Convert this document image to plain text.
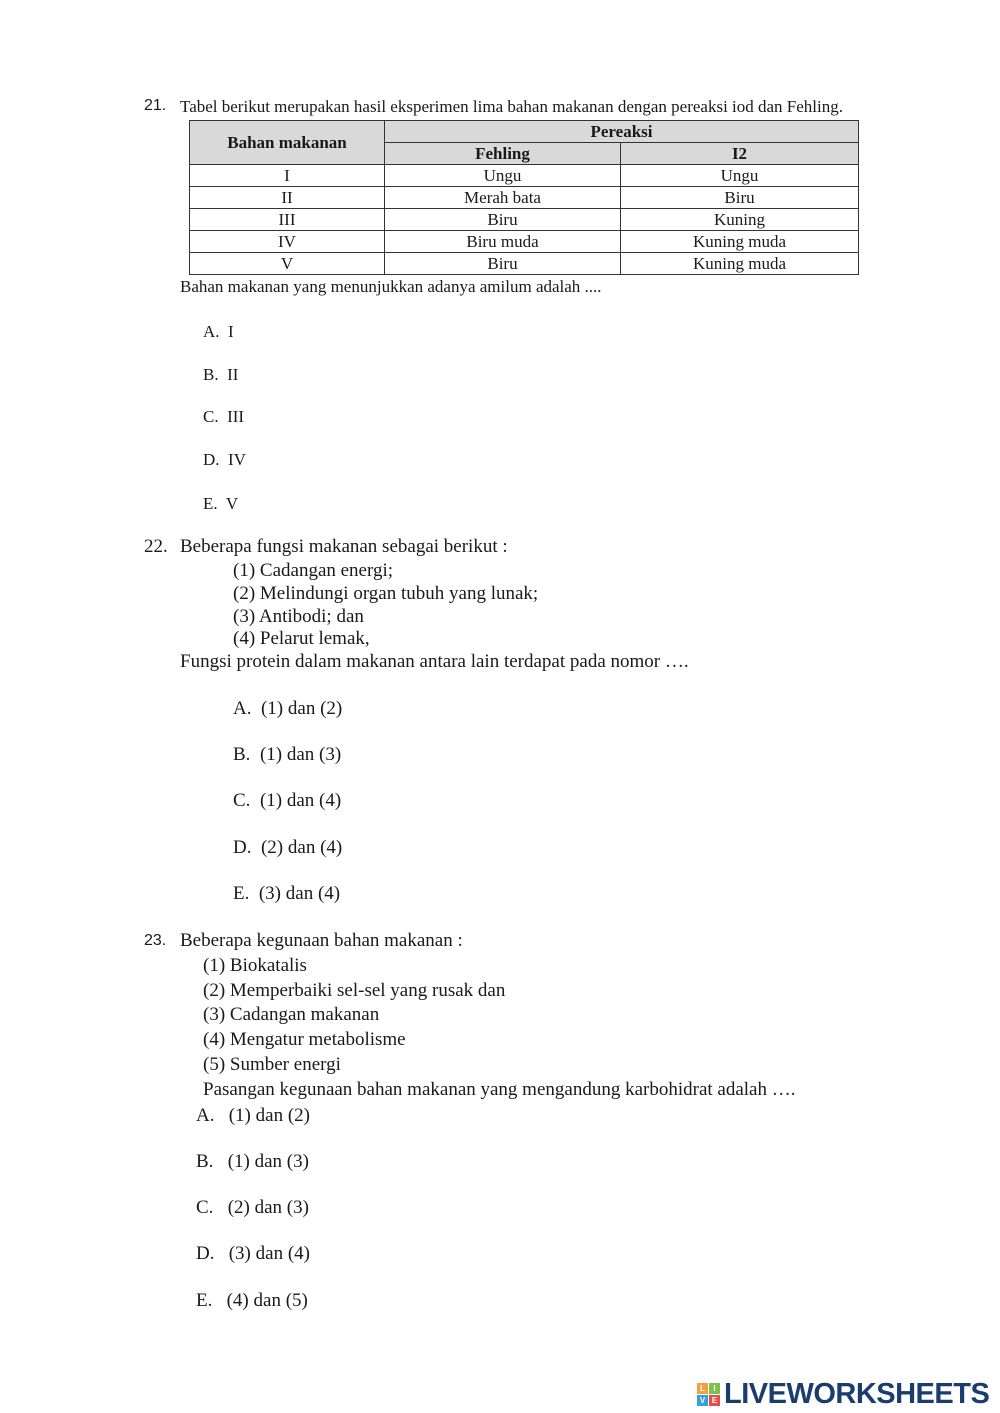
21. Tabel berikut merupakan hasil eksperimen lima bahan makanan dengan pereaksi iod dan Fehling.
Bahan makanan	Pereaksi	
	Fehling	I2
I	Ungu	Ungu
II	Merah bata	Biru
III	Biru	Kuning
IV	Biru muda	Kuning muda
V	Biru	Kuning muda
Bahan makanan yang menunjukkan adanya amilum adalah ....
A. I
B. II
C. III
D. IV
E. V
22. Beberapa fungsi makanan sebagai berikut :
(1) Cadangan energi;
(2) Melindungi organ tubuh yang lunak;
(3) Antibodi; dan
(4) Pelarut lemak,
Fungsi protein dalam makanan antara lain terdapat pada nomor ….
A. (1) dan (2)
B. (1) dan (3)
C. (1) dan (4)
D. (2) dan (4)
E. (3) dan (4)
23. Beberapa kegunaan bahan makanan :
(1) Biokatalis
(2) Memperbaiki sel-sel yang rusak dan
(3) Cadangan makanan
(4) Mengatur metabolisme
(5) Sumber energi
Pasangan kegunaan bahan makanan yang mengandung karbohidrat adalah ….
A. (1) dan (2)
B. (1) dan (3)
C. (2) dan (3)
D. (3) dan (4)
E. (4) dan (5)
L	I
V E LIVEWORKSHEETS
